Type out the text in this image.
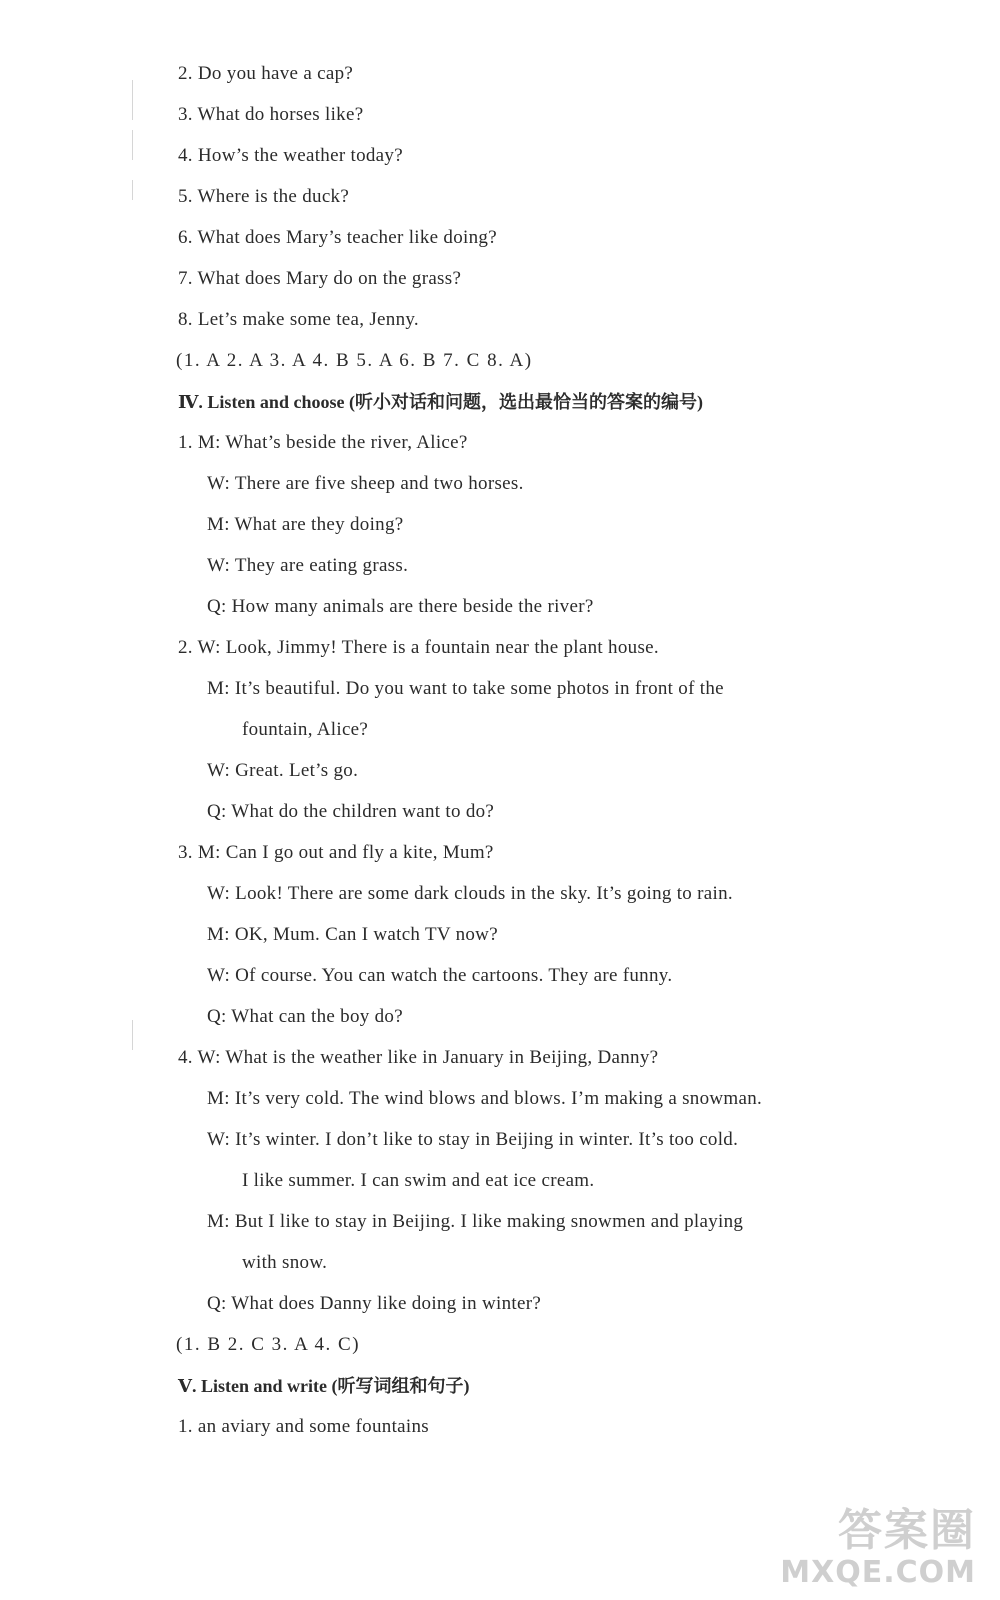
2. Do you have a cap?
3. What do horses like?
4. How’s the weather today?
5. Where is the duck?
6. What does Mary’s teacher like doing?
7. What does Mary do on the grass?
8. Let’s make some tea, Jenny.
(1. A 2. A 3. A 4. B 5. A 6. B 7. C 8. A)
Ⅳ. Listen and choose (听小对话和问题，选出最恰当的答案的编号)
1. M: What’s beside the river, Alice?
W: There are five sheep and two horses.
M: What are they doing?
W: They are eating grass.
Q: How many animals are there beside the river?
2. W: Look, Jimmy! There is a fountain near the plant house.
M: It’s beautiful. Do you want to take some photos in front of the
fountain, Alice?
W: Great. Let’s go.
Q: What do the children want to do?
3. M: Can I go out and fly a kite, Mum?
W: Look! There are some dark clouds in the sky. It’s going to rain.
M: OK, Mum. Can I watch TV now?
W: Of course. You can watch the cartoons. They are funny.
Q: What can the boy do?
4. W: What is the weather like in January in Beijing, Danny?
M: It’s very cold. The wind blows and blows. I’m making a snowman.
W: It’s winter. I don’t like to stay in Beijing in winter. It’s too cold.
I like summer. I can swim and eat ice cream.
M: But I like to stay in Beijing. I like making snowmen and playing
with snow.
Q: What does Danny like doing in winter?
(1. B 2. C 3. A 4. C)
Ⅴ. Listen and write (听写词组和句子)
1. an aviary and some fountains
答案圈
MXQE.COM
